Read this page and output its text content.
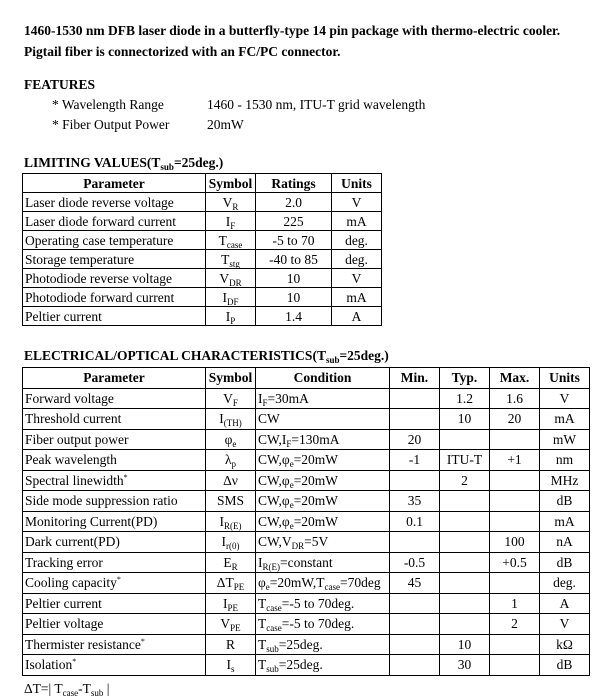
1460-1530 nm DFB laser diode in a butterfly-type 14 pin package with thermo-electric cooler. Pigtail fiber is connectorized with an FC/PC connector.
FEATURES
* Wavelength Range	1460 - 1530 nm, ITU-T grid wavelength
* Fiber Output Power	20mW
LIMITING $VALUES(T_{sub}=25deg.)$
Parameter	Symbol	Ratings	Units
Laser diode reverse voltage	$V_R$	2.0	V
Laser diode forward current	$I_F$	225	mA
Operating case temperature	$T_{case}$	-5 to 70	deg.
Storage temperature	$T_{stg}$	-40 to 85	deg.
Photodiode reverse voltage	$V_{DR}$	10	V
Photodiode forward current	$I_{DF}$	10	mA
Peltier current	$I_P$	1.4	A
ELECTRICAL/OPTICAL $CHARACTERISTICS(T_{sub}=25deg.)$
Parameter	Symbol	Condition	Min.	Typ.	Max.	Units
Forward voltage	$V_F$	$I_F=30mA$		1.2	1.6	V
Threshold current	$I_{(TH)}$	CW		10	20	mA
Fiber output power	$\varphi_e$	$CW,I_F=130mA$	20			mW
Peak wavelength	$\lambda_p$	$CW,\varphi_e=20mW$	-1	ITU-T	+1	nm
Spectral linewidth*	Δν	$CW,\varphi_e=20mW$		2		MHz
Side mode suppression ratio	SMS	$CW,\varphi_e=20mW$	35			dB
Monitoring Current(PD)	$I_{R(E)}$	$CW,\varphi_e=20mW$	0.1			mA
Dark current(PD)	$I_{r(0)}$	$CW,V_{DR}=5V$			100	nA
Tracking error	$E_R$	$I_{R(E)}=constant$	-0.5		+0.5	dB
Cooling capacity*	$\Delta T_{PE}$	$\varphi_e=20mW,T_{case}=70deg$	45			deg.
Peltier current	$I_{PE}$	$T_{case}=-5$ to 70deg.			1	A
Peltier voltage	$V_{PE}$	$T_{case}=-5$ to 70deg.			2	V
Thermister resistance*	R	$T_{sub}=25deg$.		10		kΩ
Isolation*	$I_s$	$T_{sub}=25deg$.		30		dB
ΔT=| $T_{case}-T_{sub}$ |
